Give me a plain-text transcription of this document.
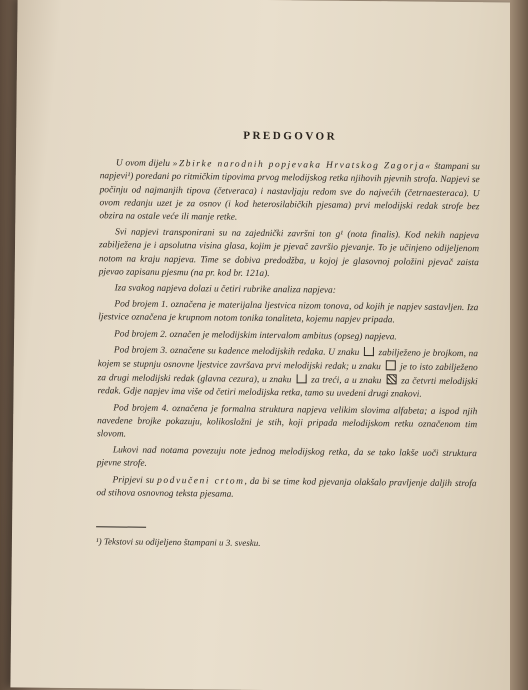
PREDGOVOR

U ovom dijelu »Zbirke narodnih popjevaka Hrvatskog Zagorja« štampani su napjevi¹) poredani po ritmičkim tipovima prvog melodijskog retka njihovih pjevnih strofa. Napjevi se počinju od najmanjih tipova (četveraca) i nastavljaju redom sve do najvećih (četrnaesteraca). U ovom redanju uzet je za osnov (i kod heterosilabičkih pjesama) prvi melodijski redak strofe bez obzira na ostale veće ili manje retke.

Svi napjevi transponirani su na zajednički završni ton g¹ (nota finalis). Kod nekih napjeva zabilježena je i apsolutna visina glasa, kojim je pjevač završio pjevanje. To je učinjeno odijeljenom notom na kraju napjeva. Time se dobiva predodžba, u kojoj je glasovnoj položini pjevač zaista pjevao zapisanu pjesmu (na pr. kod br. 121a).

Iza svakog napjeva dolazi u četiri rubrike analiza napjeva:

Pod brojem 1. označena je materijalna ljestvica nizom tonova, od kojih je napjev sastavljen. Iza ljestvice označena je krupnom notom tonika tonaliteta, kojemu napjev pripada.

Pod brojem 2. označen je melodijskim intervalom ambitus (opseg) napjeva.

Pod brojem 3. označene su kadence melodijskih redaka. U znaku zabilježeno je brojkom, na kojem se stupnju osnovne ljestvice završava prvi melodijski redak; u znaku je to isto zabilježeno za drugi melodijski redak (glavna cezura), u znaku za treći, a u znaku za četvrti melodijski redak. Gdje napjev ima više od četiri melodijska retka, tamo su uvedeni drugi znakovi.

Pod brojem 4. označena je formalna struktura napjeva velikim slovima alfabeta; a ispod njih navedene brojke pokazuju, kolikosložni je stih, koji pripada melodijskom retku označenom tim slovom.

Lukovi nad notama povezuju note jednog melodijskog retka, da se tako lakše uoči struktura pjevne strofe.

Pripjevi su podvučeni crtom, da bi se time kod pjevanja olakšalo pravljenje daljih strofa od stihova osnovnog teksta pjesama.

¹) Tekstovi su odijeljeno štampani u 3. svesku.
